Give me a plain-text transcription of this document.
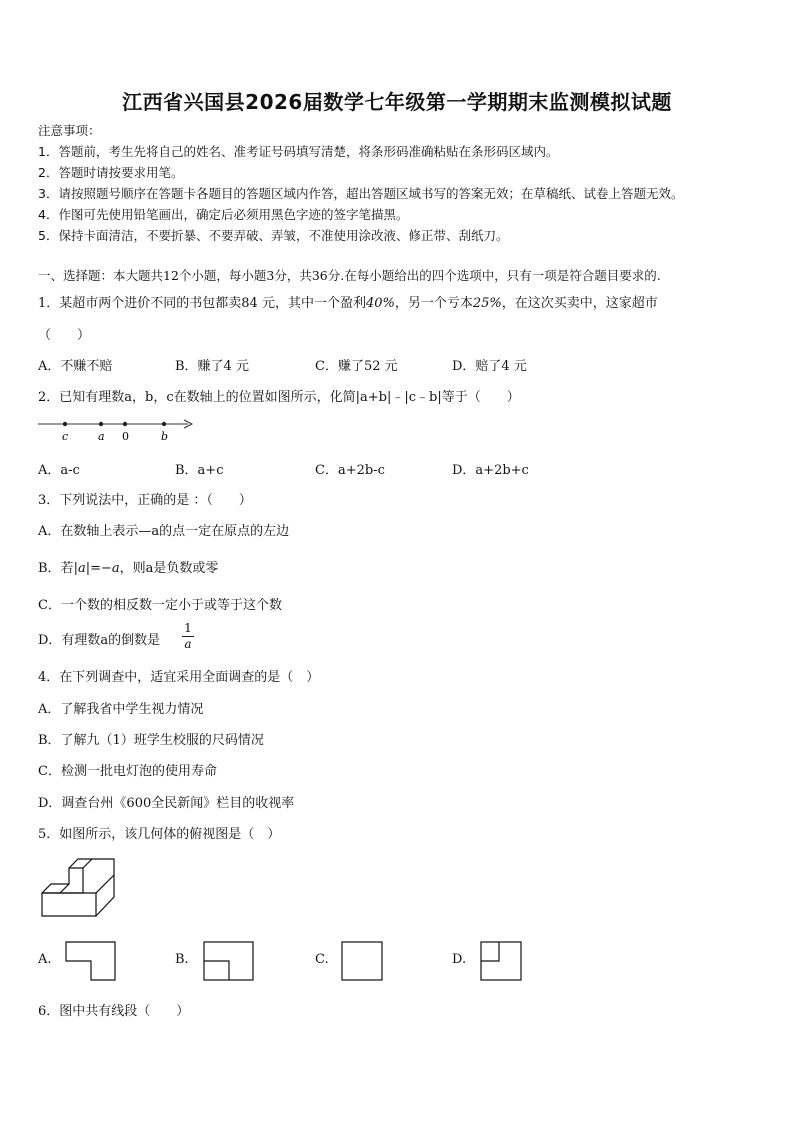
江西省兴国县2026届数学七年级第一学期期末监测模拟试题
注意事项：
1．答题前，考生先将自己的姓名、准考证号码填写清楚，将条形码准确粘贴在条形码区域内。
2．答题时请按要求用笔。
3．请按照题号顺序在答题卡各题目的答题区域内作答，超出答题区域书写的答案无效；在草稿纸、试卷上答题无效。
4．作图可先使用铅笔画出，确定后必须用黑色字迹的签字笔描黑。
5．保持卡面清洁，不要折暴、不要弄破、弄皱，不准使用涂改液、修正带、刮纸刀。
一、选择题：本大题共12个小题，每小题3分，共36分.在每小题给出的四个选项中，只有一项是符合题目要求的.
1．某超市两个进价不同的书包都卖84 元，其中一个盈利40%，另一个亏本25%，在这次买卖中，这家超市
（　　）
A．不赚不赔	B．赚了4 元	C．赚了52 元	D．赔了4 元
2．已知有理数a，b，c在数轴上的位置如图所示，化简|a+b|﹣|c﹣b|等于（　　）
c	a 0	b
A．a-c	B．a+c	C．a+2b-c	D．a+2b+c
3．下列说法中，正确的是 ：（　　）
A．在数轴上表示—a的点一定在原点的左边
B．若|a|=−a，则a是负数或零
C．一个数的相反数一定小于或等于这个数
D．有理数a的倒数是 $\frac{1}{a}$
4．在下列调查中，适宜采用全面调查的是（　）
A．了解我省中学生视力情况
B．了解九（1）班学生校服的尺码情况
C．检测一批电灯泡的使用寿命
D．调查台州《600全民新闻》栏目的收视率
5．如图所示，该几何体的俯视图是（　）
A.	B.	C.	D.
6．图中共有线段（　　）
